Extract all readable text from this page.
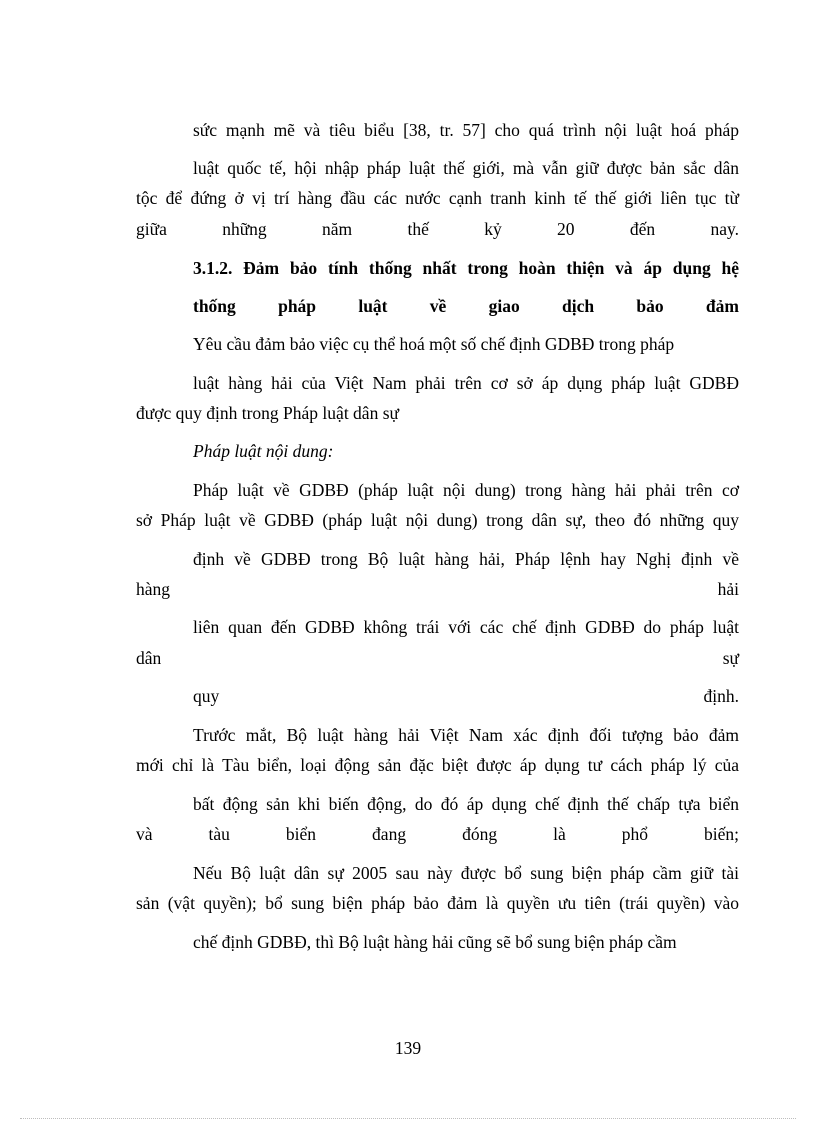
sức mạnh mẽ và tiêu biểu [38, tr. 57] cho quá trình nội luật hoá pháp

luật quốc tế, hội nhập pháp luật thế giới, mà vẫn giữ được bản sắc dân

tộc để đứng ở vị trí hàng đầu các nước cạnh tranh kinh tế thế giới liên tục từ

giữa những năm thế kỷ 20 đến nay.

3.1.2. Đảm bảo tính thống nhất trong hoàn thiện và áp dụng hệ

thống pháp luật về giao dịch bảo đảm

Yêu cầu đảm bảo việc cụ thể hoá một số chế định GDBĐ trong pháp

luật hàng hải của Việt Nam phải trên cơ sở áp dụng pháp luật GDBĐ

được quy định trong Pháp luật dân sự

Pháp luật nội dung:

Pháp luật về GDBĐ (pháp luật nội dung) trong hàng hải phải trên cơ

sở Pháp luật về GDBĐ (pháp luật nội dung) trong dân sự, theo đó những quy

định về GDBĐ trong Bộ luật hàng hải, Pháp lệnh hay Nghị định về

hàng	hải

liên quan đến GDBĐ không trái với các chế định GDBĐ do pháp luật

dân	sự
quy	định.

Trước mắt, Bộ luật hàng hải Việt Nam xác định đối tượng bảo đảm

mới chỉ là Tàu biển, loại động sản đặc biệt được áp dụng tư cách pháp lý của

bất động sản khi biến động, do đó áp dụng chế định thế chấp tựa biển

và tàu biển đang đóng là phổ biến;

Nếu Bộ luật dân sự 2005 sau này được bổ sung biện pháp cầm giữ tài

sản (vật quyền); bổ sung biện pháp bảo đảm là quyền ưu tiên (trái quyền) vào

chế định GDBĐ, thì Bộ luật hàng hải cũng sẽ bổ sung biện pháp cầm

139
